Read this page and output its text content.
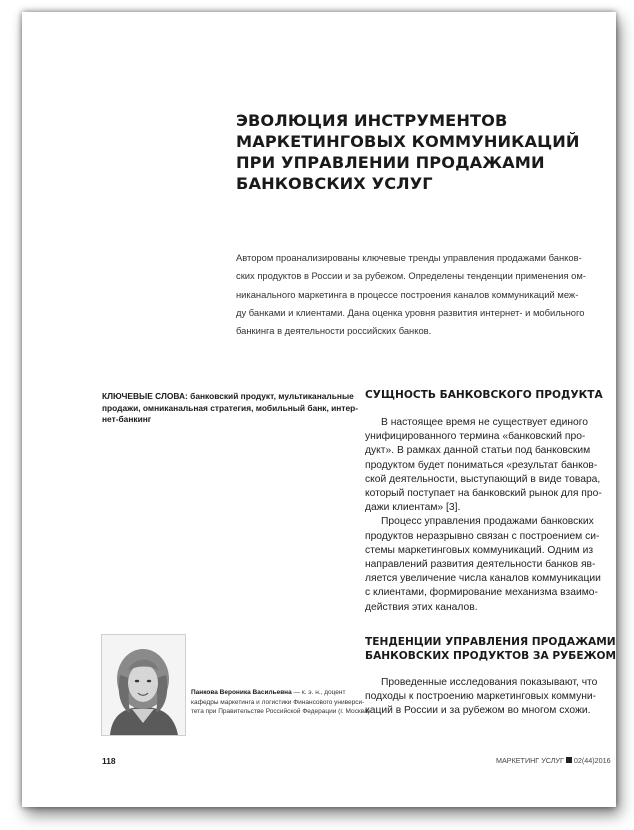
ЭВОЛЮЦИЯ ИНСТРУМЕНТОВ
МАРКЕТИНГОВЫХ КОММУНИКАЦИЙ
ПРИ УПРАВЛЕНИИ ПРОДАЖАМИ
БАНКОВСКИХ УСЛУГ
Автором проанализированы ключевые тренды управления продажами банков-
ских продуктов в России и за рубежом. Определены тенденции применения ом-
никанального маркетинга в процессе построения каналов коммуникаций меж-
ду банками и клиентами. Дана оценка уровня развития интернет- и мобильного
банкинга в деятельности российских банков.
КЛЮЧЕВЫЕ СЛОВА: банковский продукт, мультиканальные
продажи, омниканальная стратегия, мобильный банк, интер-
нет-банкинг
СУЩНОСТЬ БАНКОВСКОГО ПРОДУКТА
В настоящее время не существует единого
унифицированного термина «банковский про-
дукт». В рамках данной статьи под банковским
продуктом будет пониматься «результат банков-
ской деятельности, выступающий в виде товара,
который поступает на банковский рынок для про-
дажи клиентам» [3].
Процесс управления продажами банковских
продуктов неразрывно связан с построением си-
стемы маркетинговых коммуникаций. Одним из
направлений развития деятельности банков яв-
ляется увеличение числа каналов коммуникации
с клиентами, формирование механизма взаимо-
действия этих каналов.
ТЕНДЕНЦИИ УПРАВЛЕНИЯ ПРОДАЖАМИ
БАНКОВСКИХ ПРОДУКТОВ ЗА РУБЕЖОМ
Проведенные исследования показывают, что
подходы к построению маркетинговых коммуни-
каций в России и за рубежом во многом схожи.
Панкова Вероника Васильевна — к. э. н., доцент
кафедры маркетинга и логистики Финансового универси-
тета при Правительстве Российской Федерации (г. Москва)
118	МАРКЕТИНГ УСЛУГ 02(44)2016
